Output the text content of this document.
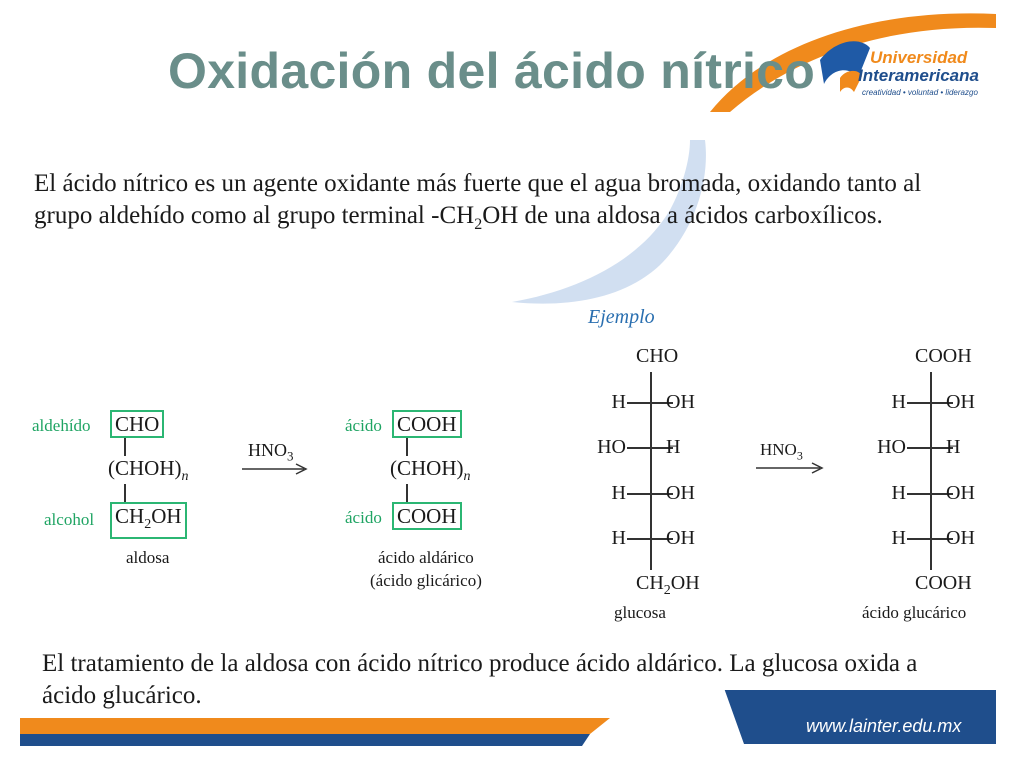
Universidad
Interamericana
creatividad • voluntad • liderazgo
Oxidación del ácido nítrico
El ácido nítrico es un agente oxidante más fuerte que el agua bromada, oxidando tanto al grupo aldehído como al grupo terminal $-CH_2OH$ de una aldosa a ácidos carboxílicos.
aldehído
alcohol
CHO
$(CHOH)_n$
$CH_2OH$
aldosa
$HNO_3$
ácido
ácido
COOH
$(CHOH)_n$
COOH
ácido aldárico
(ácido glicárico)
Ejemplo
CHO
H OH
HO H
H OH
H OH
$CH_2OH$
glucosa
$HNO_3$
COOH
H OH
HO H
H OH
H OH
COOH
ácido glucárico
El tratamiento de la aldosa con ácido nítrico produce ácido aldárico. La glucosa oxida a ácido glucárico.
www.lainter.edu.mx
